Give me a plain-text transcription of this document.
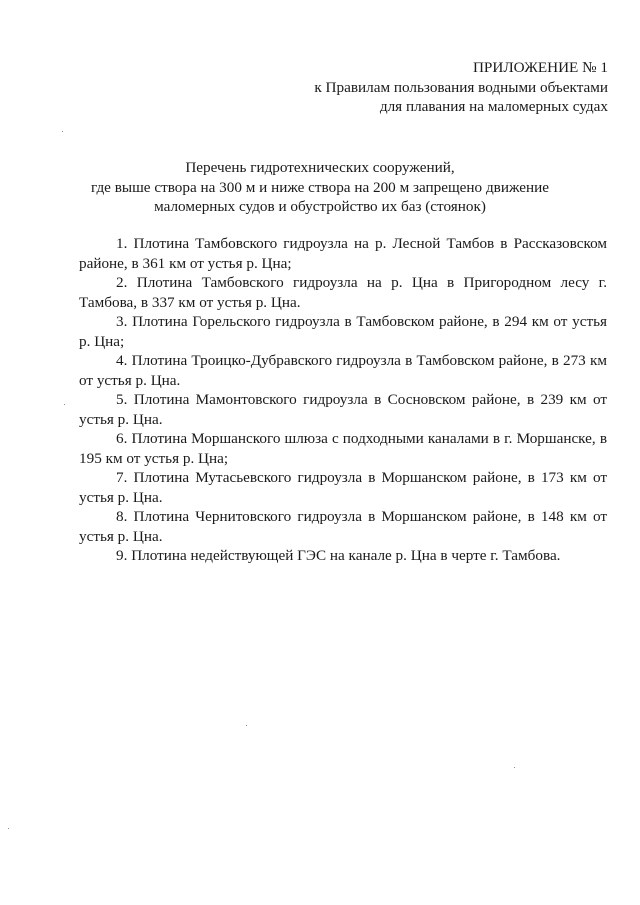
ПРИЛОЖЕНИЕ № 1
к Правилам пользования водными объектами
для плавания на маломерных судах
Перечень гидротехнических сооружений,
где выше створа на 300 м и ниже створа на 200 м запрещено движение
маломерных судов и обустройство их баз (стоянок)

1. Плотина Тамбовского гидроузла на р. Лесной Тамбов в Рассказовском районе, в 361 км от устья р. Цна;

2. Плотина Тамбовского гидроузла на р. Цна в Пригородном лесу г. Тамбова, в 337 км от устья р. Цна.

3. Плотина Горельского гидроузла в Тамбовском районе, в 294 км от устья р. Цна;

4. Плотина Троицко-Дубравского гидроузла в Тамбовском районе, в 273 км от устья р. Цна.

5. Плотина Мамонтовского гидроузла в Сосновском районе, в 239 км от устья р. Цна.

6. Плотина Моршанского шлюза с подходными каналами в г. Моршанске, в 195 км от устья р. Цна;

7. Плотина Мутасьевского гидроузла в Моршанском районе, в 173 км от устья р. Цна.

8. Плотина Чернитовского гидроузла в Моршанском районе, в 148 км от устья р. Цна.

9. Плотина недействующей ГЭС на канале р. Цна в черте г. Тамбова.
